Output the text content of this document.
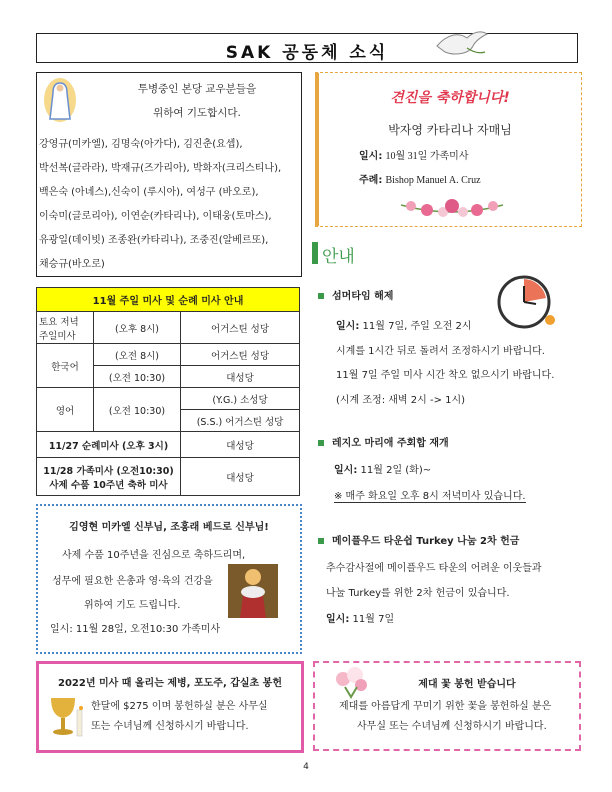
SAK 공동체 소식
투병중인 본당 교우분들을
위하여 기도합시다.
강영규(미카엘), 김명숙(아가다), 김진춘(요셉),
박선복(글라라), 박재규(즈가리아), 박화자(크리스티나),
백은숙 (아녜스),신숙이 (루시아), 여성구 (바오로),
이숙미(글로리아), 이연순(카타리나), 이태웅(토마스),
유광일(데이빗) 조종완(카타리나), 조중진(알베르또),
채승규(바오로)
견진을 축하합니다!
박자영 카타리나 자매님
일시: 10월 31일 가족미사
주례: Bishop Manuel A. Cruz
안내
섬머타임 해제
일시: 11월 7일, 주일 오전 2시
시계를 1시간 뒤로 돌려서 조정하시기 바랍니다.
11월 7일 주일 미사 시간 착오 없으시기 바랍니다.
(시계 조정: 새벽 2시 -> 1시)
레지오 마리애 주회합 재개
일시: 11월 2일 (화)~
※ 매주 화요일 오후 8시 저녁미사 있습니다.
메이플우드 타운쉽 Turkey 나눔 2차 헌금
추수감사절에 메이플우드 타운의 어려운 이웃들과
나눌 Turkey를 위한 2차 헌금이 있습니다.
일시: 11월 7일
11월 주일 미사 및 순례 미사 안내		
토요 저녁
주일미사	(오후 8시)	어거스틴 성당
한국어	(오전 8시)	어거스틴 성당
	(오전 10:30)	대성당
영어	(오전 10:30)	(Y.G.) 소성당
		(S.S.) 어거스틴 성당
11/27 순례미사 (오후 3시)		대성당

11/28 가족미사 (오전10:30)
사제 수품 10주년 축하 미사		대성당
김영현 미카엘 신부님, 조홍래 베드로 신부님!
사제 수품 10주년을 진심으로 축하드리며,
성무에 필요한 은총과 영·육의 건강을
위하여 기도 드립니다.
일시: 11월 28일, 오전10:30 가족미사
2022년 미사 때 올리는 제병, 포도주, 갑실초 봉헌
한달에 $275 이며 봉헌하실 분은 사무실
또는 수녀님께 신청하시기 바랍니다.
제대 꽃 봉헌 받습니다
제대를 아름답게 꾸미기 위한 꽃을 봉헌하실 분은
사무실 또는 수녀님께 신청하시기 바랍니다.
4
